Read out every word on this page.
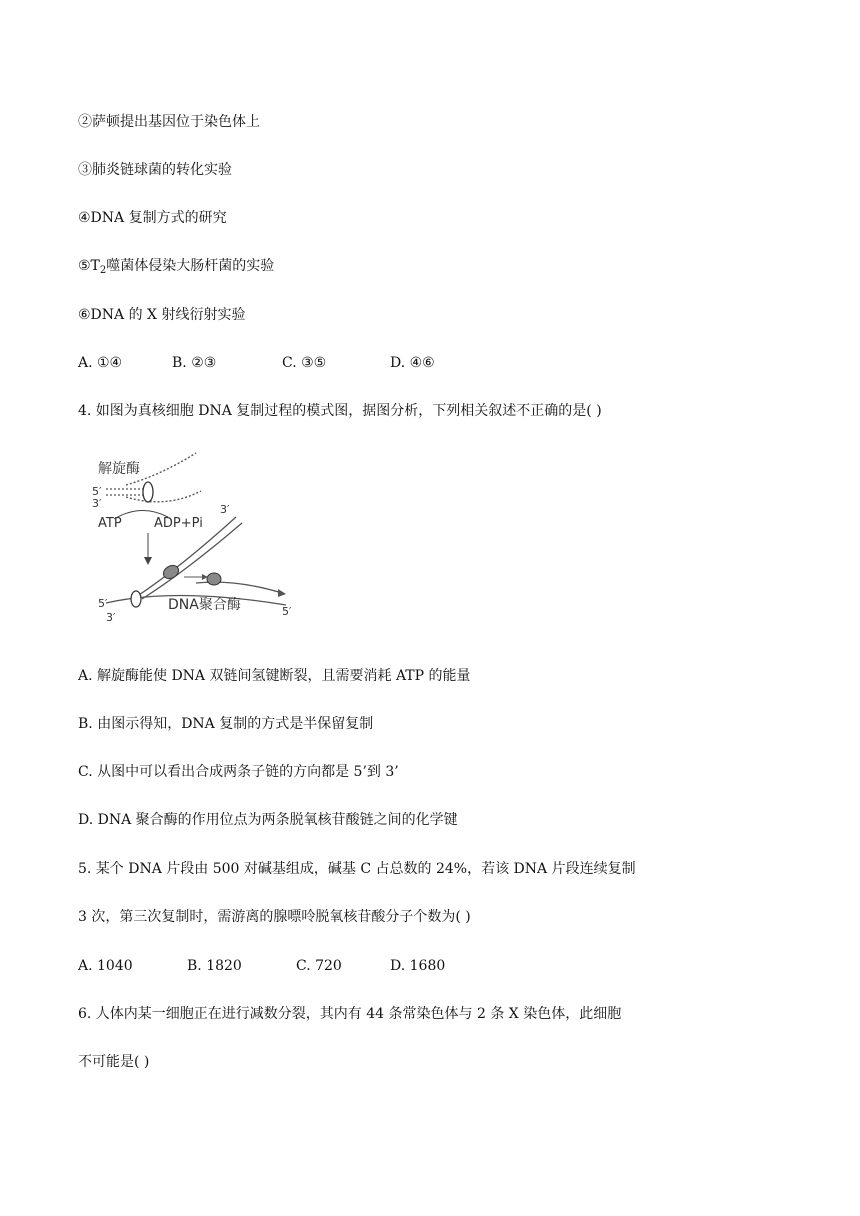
②萨顿提出基因位于染色体上
③肺炎链球菌的转化实验
④DNA 复制方式的研究
$⑤T_2$噬菌体侵染大肠杆菌的实验
⑥DNA 的 X 射线衍射实验
A. ①④	B. ②③	C. ③⑤	D. ④⑥
4. 如图为真核细胞 DNA 复制过程的模式图，据图分析，下列相关叙述不正确的是( )
解旋酶
5′
3′
ATP ADP+Pi
3′
DNA聚合酶
5′
3′	5′
A. 解旋酶能使 DNA 双链间氢键断裂，且需要消耗 ATP 的能量
B. 由图示得知，DNA 复制的方式是半保留复制
C. 从图中可以看出合成两条子链的方向都是 5’到 3’
D. DNA 聚合酶的作用位点为两条脱氧核苷酸链之间的化学键
5. 某个 DNA 片段由 500 对碱基组成，碱基 C 占总数的 24%，若该 DNA 片段连续复制
3 次，第三次复制时，需游离的腺嘌呤脱氧核苷酸分子个数为( )
A. 1040	B. 1820	C. 720	D. 1680
6. 人体内某一细胞正在进行减数分裂，其内有 44 条常染色体与 2 条 X 染色体，此细胞
不可能是( )
